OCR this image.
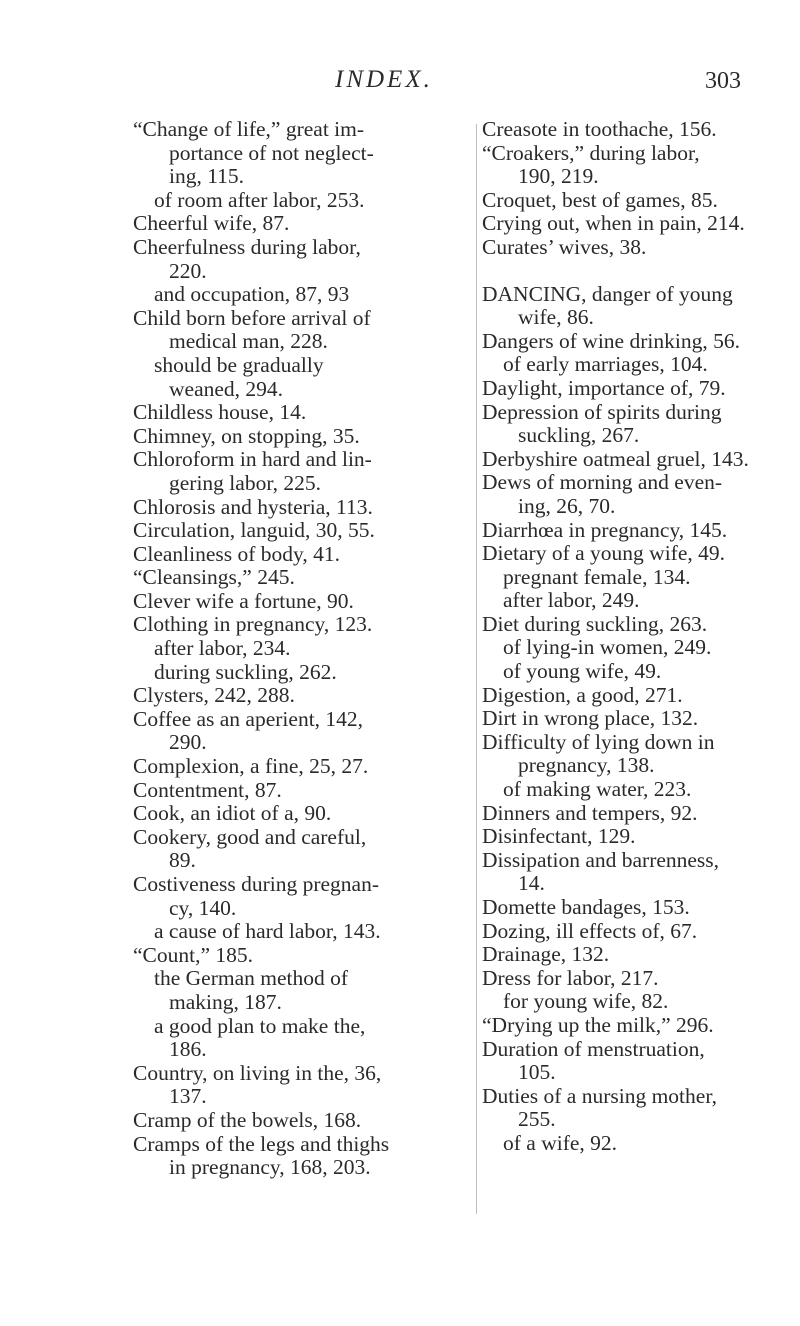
INDEX.	303
“Change of life,” great im-
portance of not neglect-
ing, 115.
of room after labor, 253.
Cheerful wife, 87.
Cheerfulness during labor,
220.
and occupation, 87, 93
Child born before arrival of
medical man, 228.
should be gradually
weaned, 294.
Childless house, 14.
Chimney, on stopping, 35.
Chloroform in hard and lin-
gering labor, 225.
Chlorosis and hysteria, 113.
Circulation, languid, 30, 55.
Cleanliness of body, 41.
“Cleansings,” 245.
Clever wife a fortune, 90.
Clothing in pregnancy, 123.
after labor, 234.
during suckling, 262.
Clysters, 242, 288.
Coffee as an aperient, 142,
290.
Complexion, a fine, 25, 27.
Contentment, 87.
Cook, an idiot of a, 90.
Cookery, good and careful,
89.
Costiveness during pregnan-
cy, 140.
a cause of hard labor, 143.
“Count,” 185.
the German method of
making, 187.
a good plan to make the,
186.
Country, on living in the, 36,
137.
Cramp of the bowels, 168.
Cramps of the legs and thighs
in pregnancy, 168, 203.
Creasote in toothache, 156.
“Croakers,” during labor,
190, 219.
Croquet, best of games, 85.
Crying out, when in pain, 214.
Curates’ wives, 38.
DANCING, danger of young
wife, 86.
Dangers of wine drinking, 56.
of early marriages, 104.
Daylight, importance of, 79.
Depression of spirits during
suckling, 267.
Derbyshire oatmeal gruel, 143.
Dews of morning and even-
ing, 26, 70.
Diarrhœa in pregnancy, 145.
Dietary of a young wife, 49.
pregnant female, 134.
after labor, 249.
Diet during suckling, 263.
of lying-in women, 249.
of young wife, 49.
Digestion, a good, 271.
Dirt in wrong place, 132.
Difficulty of lying down in
pregnancy, 138.
of making water, 223.
Dinners and tempers, 92.
Disinfectant, 129.
Dissipation and barrenness,
14.
Domette bandages, 153.
Dozing, ill effects of, 67.
Drainage, 132.
Dress for labor, 217.
for young wife, 82.
“Drying up the milk,” 296.
Duration of menstruation,
105.
Duties of a nursing mother,
255.
of a wife, 92.
